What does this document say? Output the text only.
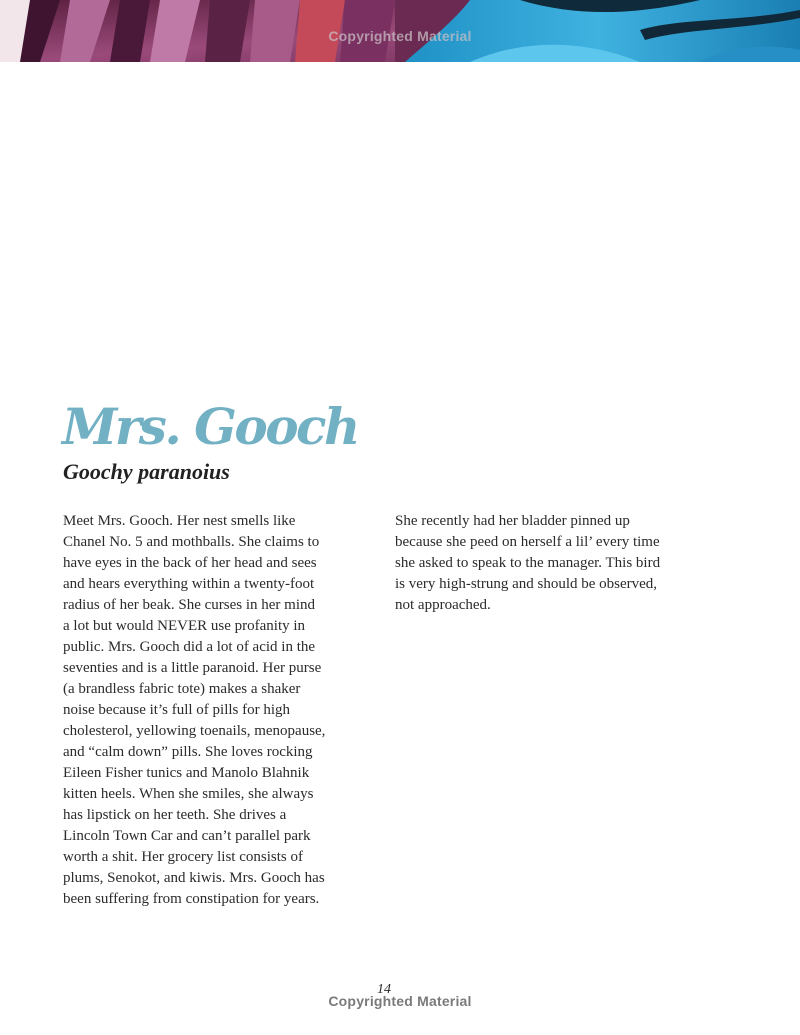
Copyrighted Material
Mrs. Gooch
Goochy paranoius
Meet Mrs. Gooch. Her nest smells like
Chanel No. 5 and mothballs. She claims to
have eyes in the back of her head and sees
and hears everything within a twenty-foot
radius of her beak. She curses in her mind
a lot but would NEVER use profanity in
public. Mrs. Gooch did a lot of acid in the
seventies and is a little paranoid. Her purse
(a brandless fabric tote) makes a shaker
noise because it’s full of pills for high
cholesterol, yellowing toenails, menopause,
and “calm down” pills. She loves rocking
Eileen Fisher tunics and Manolo Blahnik
kitten heels. When she smiles, she always
has lipstick on her teeth. She drives a
Lincoln Town Car and can’t parallel park
worth a shit. Her grocery list consists of
plums, Senokot, and kiwis. Mrs. Gooch has
been suffering from constipation for years.
She recently had her bladder pinned up
because she peed on herself a lil’ every time
she asked to speak to the manager. This bird
is very high-strung and should be observed,
not approached.
14
Copyrighted Material
